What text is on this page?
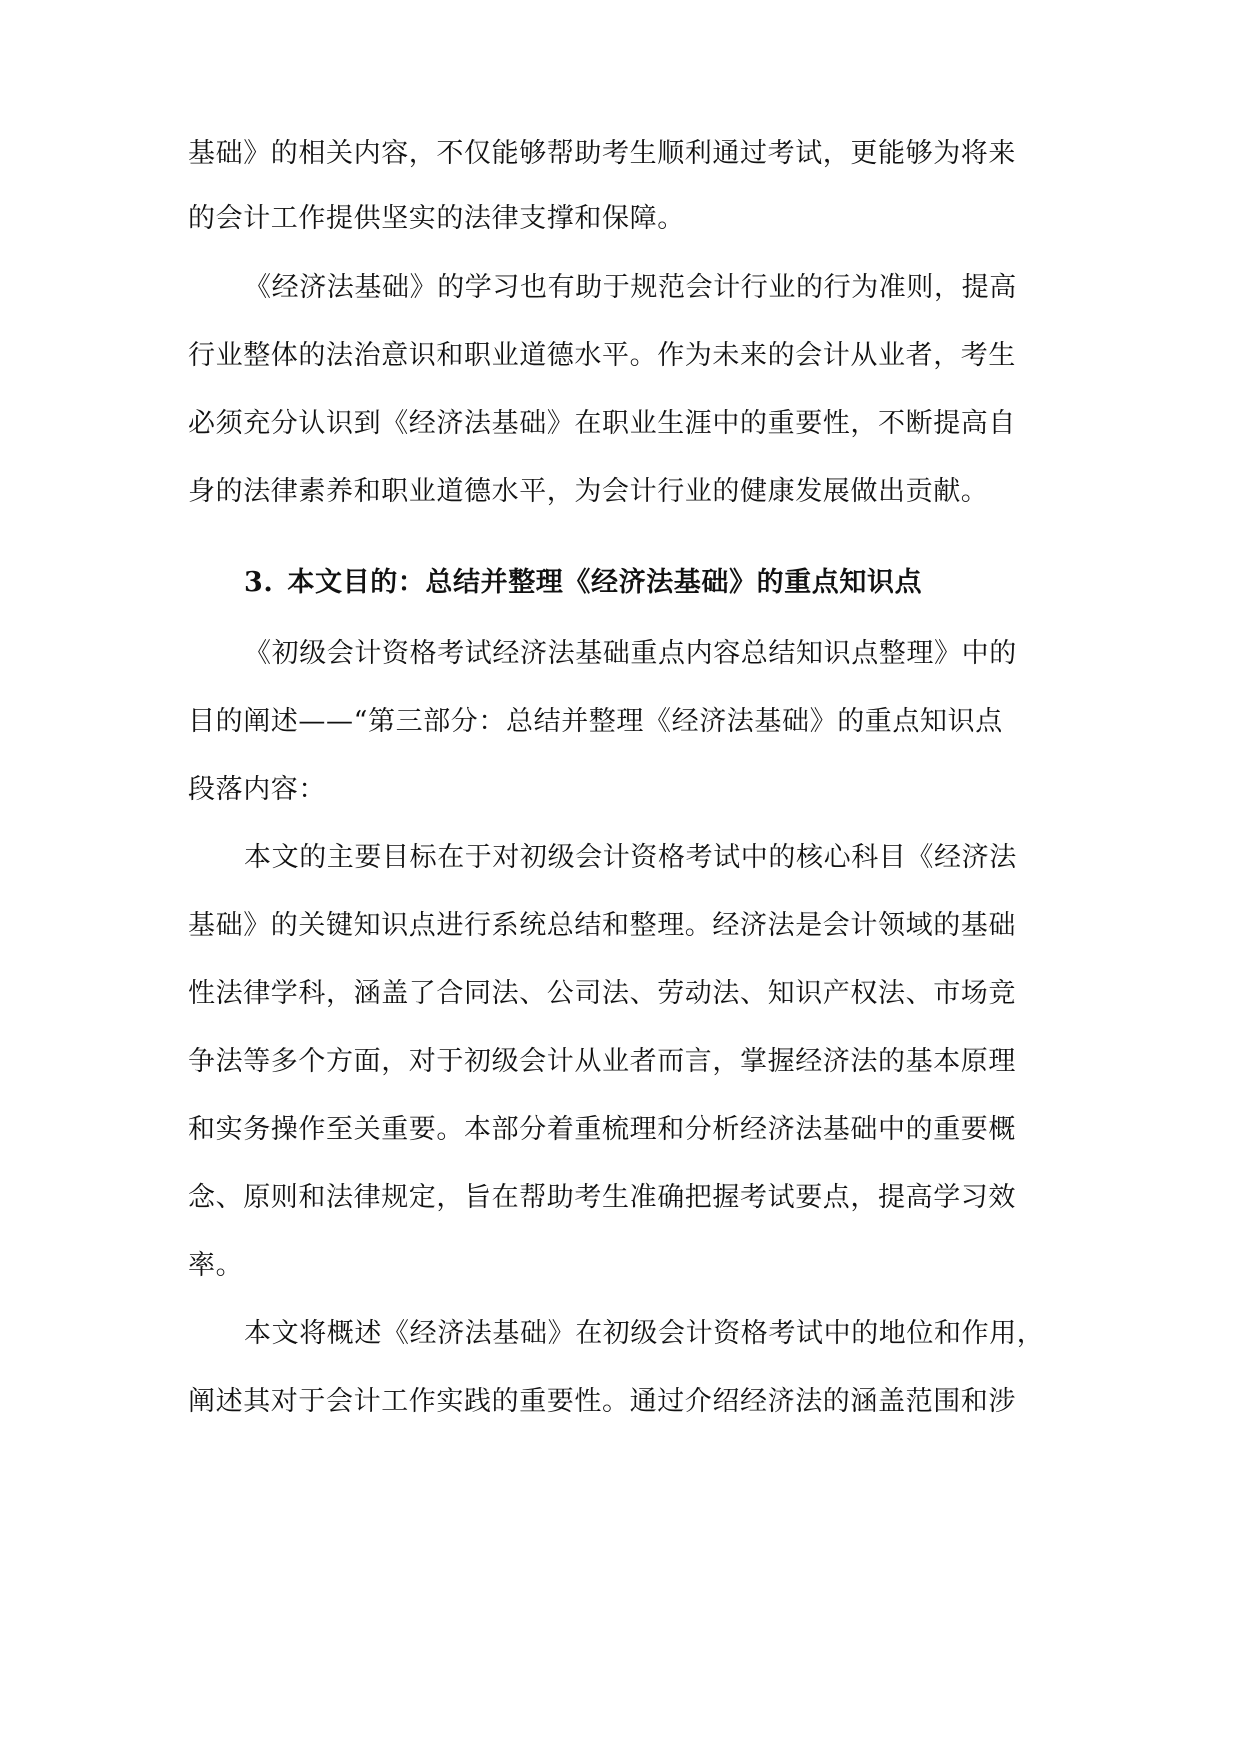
基础》的相关内容，不仅能够帮助考生顺利通过考试，更能够为将来
的会计工作提供坚实的法律支撑和保障。
《经济法基础》的学习也有助于规范会计行业的行为准则，提高
行业整体的法治意识和职业道德水平。作为未来的会计从业者，考生
必须充分认识到《经济法基础》在职业生涯中的重要性，不断提高自
身的法律素养和职业道德水平，为会计行业的健康发展做出贡献。
3. 本文目的：总结并整理《经济法基础》的重点知识点
《初级会计资格考试经济法基础重点内容总结知识点整理》中的
目的阐述——“第三部分：总结并整理《经济法基础》的重点知识点
段落内容：
本文的主要目标在于对初级会计资格考试中的核心科目《经济法
基础》的关键知识点进行系统总结和整理。经济法是会计领域的基础
性法律学科，涵盖了合同法、公司法、劳动法、知识产权法、市场竞
争法等多个方面，对于初级会计从业者而言，掌握经济法的基本原理
和实务操作至关重要。本部分着重梳理和分析经济法基础中的重要概
念、原则和法律规定，旨在帮助考生准确把握考试要点，提高学习效
率。
本文将概述《经济法基础》在初级会计资格考试中的地位和作用，
阐述其对于会计工作实践的重要性。通过介绍经济法的涵盖范围和涉
